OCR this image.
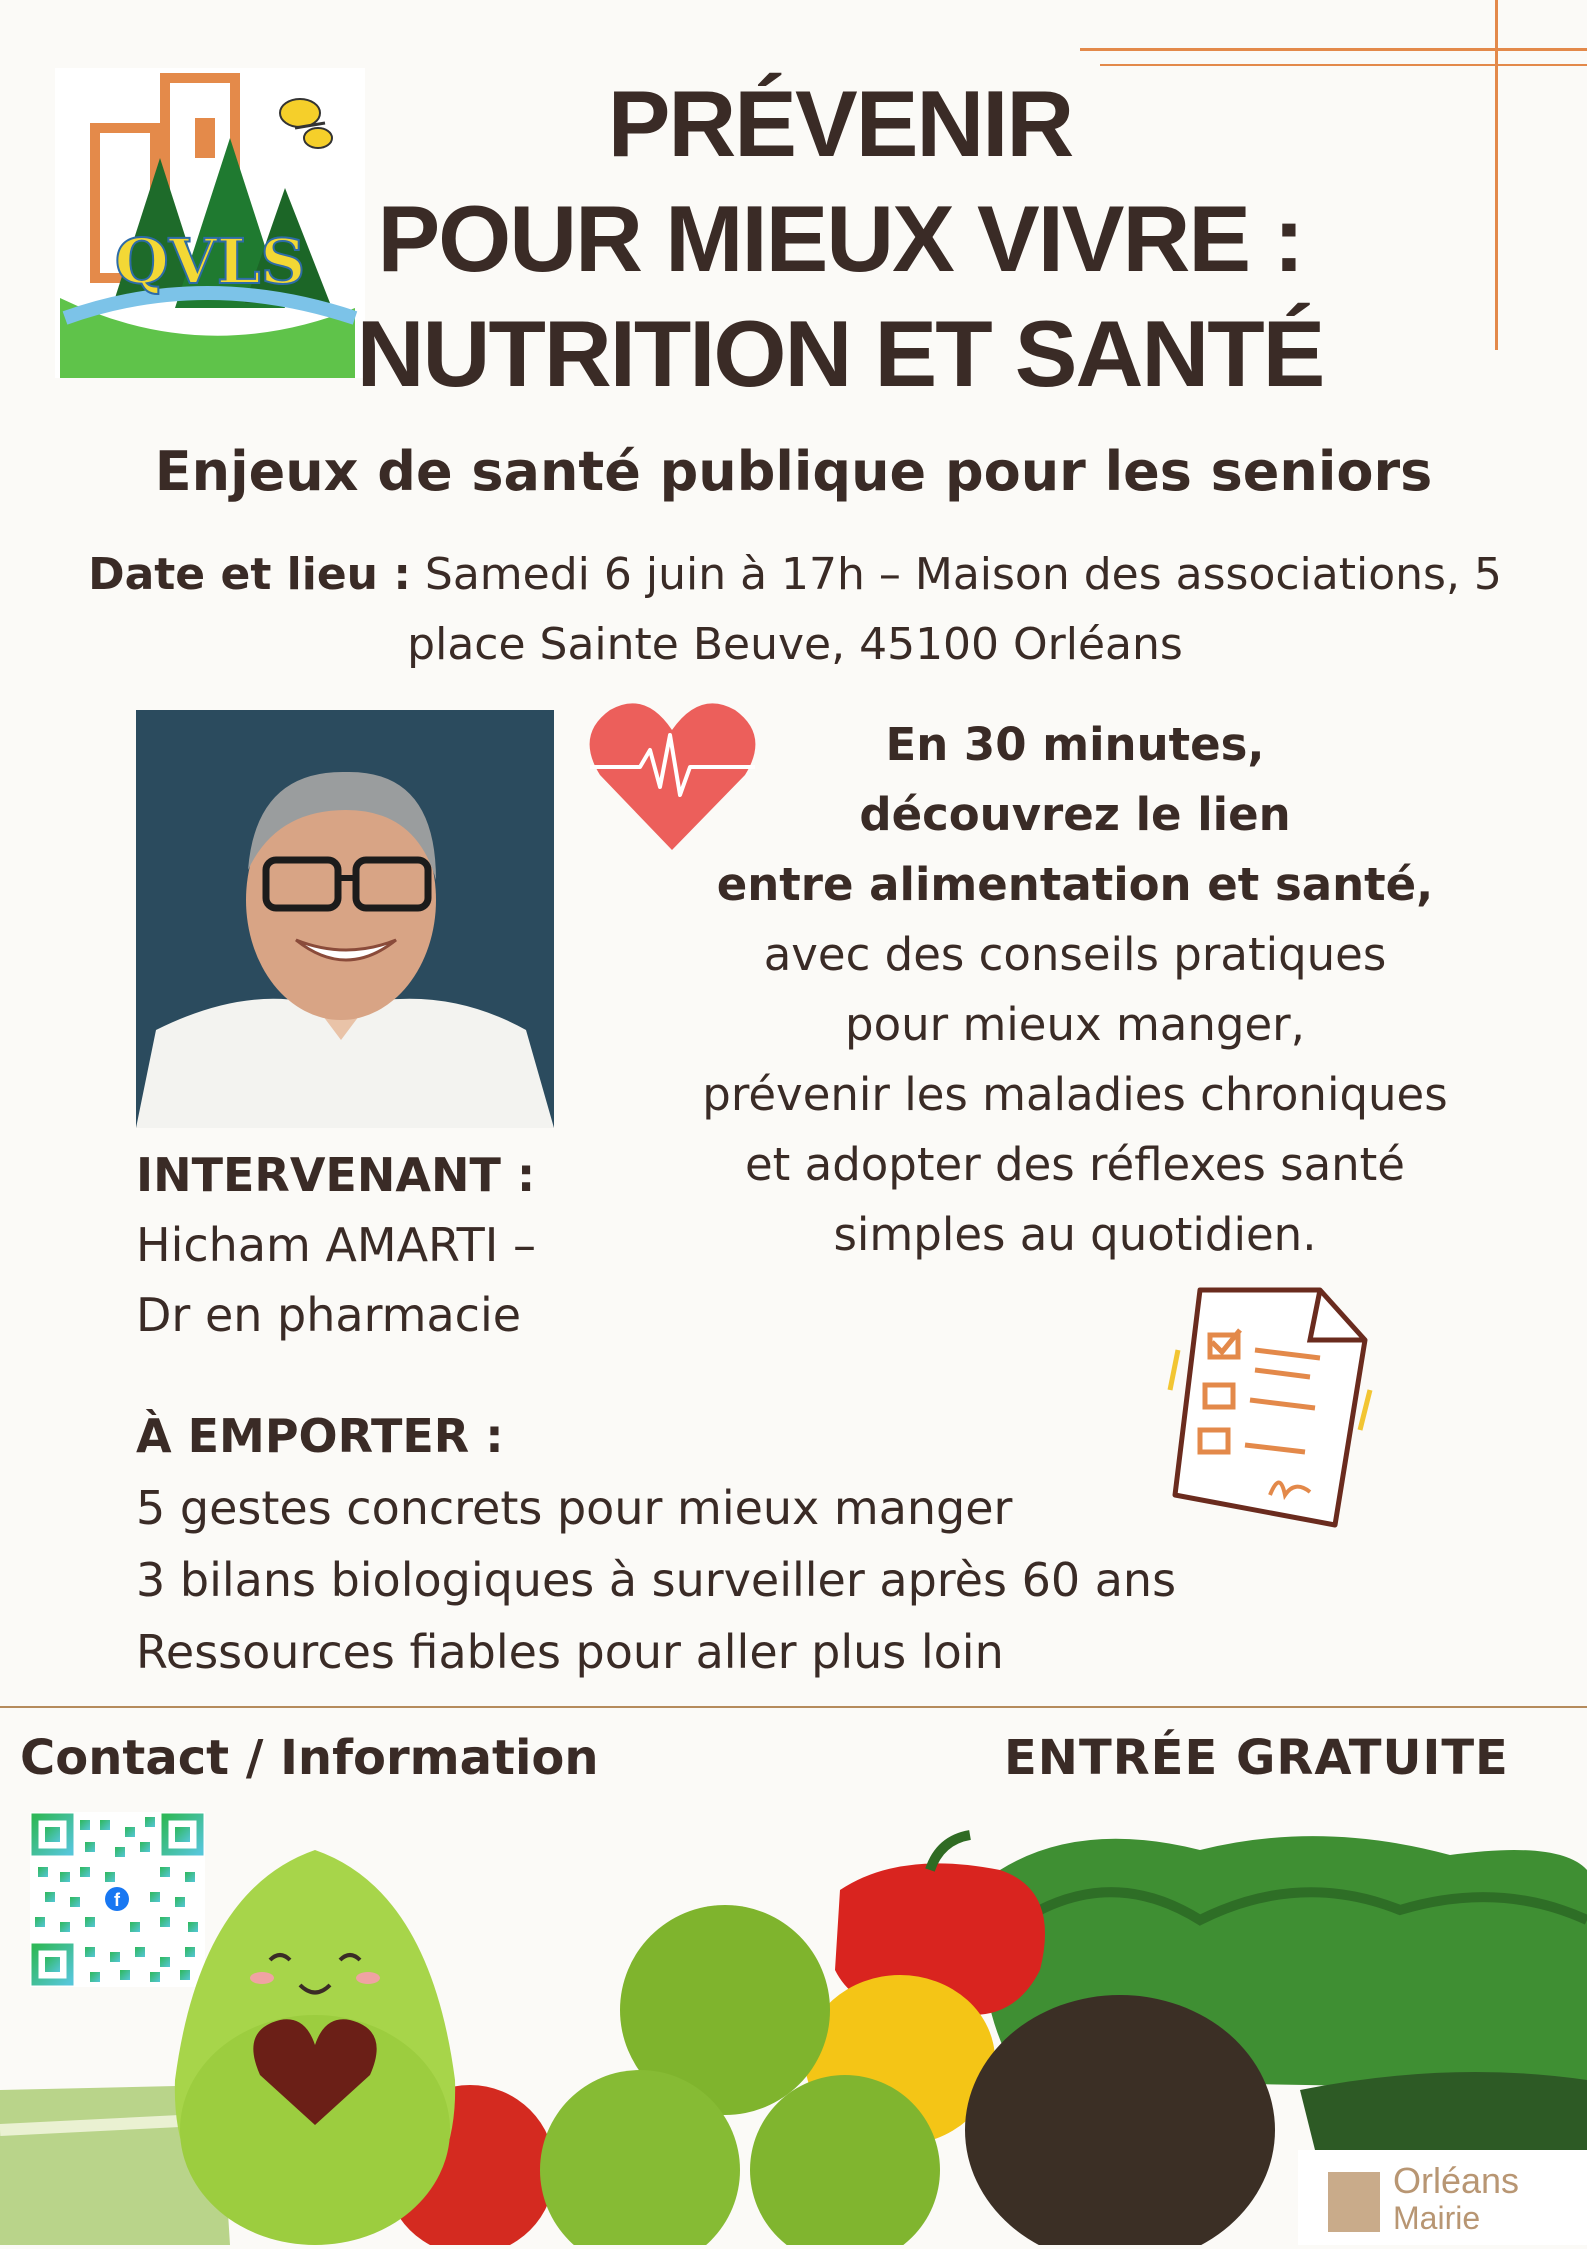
QVLS
PRÉVENIR
POUR MIEUX VIVRE :
NUTRITION ET SANTÉ
Enjeux de santé publique pour les seniors
Date et lieu : Samedi 6 juin à 17h – Maison des associations, 5
place Sainte Beuve, 45100 Orléans
En 30 minutes,
découvrez le lien
entre alimentation et santé,
avec des conseils pratiques
pour mieux manger,
prévenir les maladies chroniques
et adopter des réflexes santé
simples au quotidien.
INTERVENANT :
Hicham AMARTI –
Dr en pharmacie
À EMPORTER :
5 gestes concrets pour mieux manger
3 bilans biologiques à surveiller après 60 ans
Ressources fiables pour aller plus loin
Contact / Information	ENTRÉE GRATUITE
f
Orléans
Mairie
